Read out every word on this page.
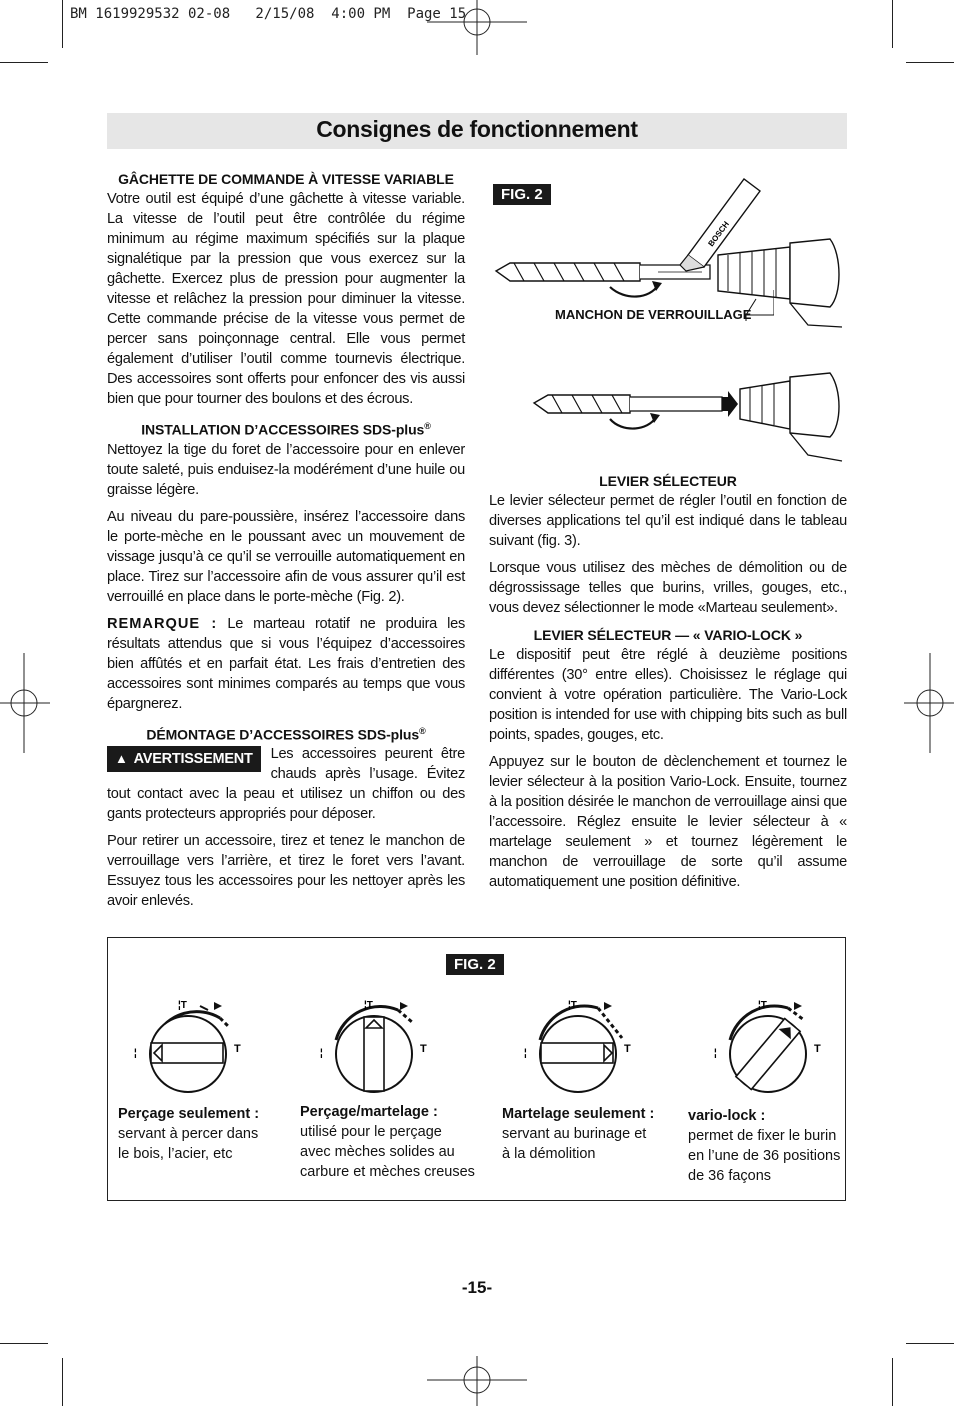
BM 1619929532 02-08   2/15/08  4:00 PM  Page 15
Consignes de fonctionnement
GÂCHETTE DE COMMANDE À VITESSE VARIABLE

Votre outil est équipé d’une gâchette à vitesse variable. La vitesse de l’outil peut être contrôlée du régime minimum au régime maximum spécifiés sur la plaque signalétique par la pression que vous exercez sur la gâchette. Exercez plus de pression pour augmenter la vitesse et relâchez la pression pour diminuer la vitesse. Cette commande précise de la vitesse vous permet de percer sans poinçonnage central. Elle vous permet également d’utiliser l’outil comme tournevis électrique. Des accessoires sont offerts pour enfoncer des vis aussi bien que pour tourner des boulons et des écrous.

INSTALLATION D’ACCESSOIRES SDS-plus®

Nettoyez la tige du foret de l’accessoire pour en enlever toute saleté, puis enduisez-la modérément d’une huile ou graisse légère.

Au niveau du pare-poussière, insérez l’accessoire dans le porte-mèche en le poussant avec un mouvement de vissage jusqu’à ce qu’il se verrouille automatiquement en place. Tirez sur l’accessoire afin de vous assurer qu’il est verrouillé en place dans le porte-mèche (Fig. 2).

REMARQUE : Le marteau rotatif ne produira les résultats attendus que si vous l’équipez d’accessoires bien affûtés et en parfait état. Les frais d’entretien des accessoires sont minimes comparés au temps que vous épargnerez.

DÉMONTAGE D’ACCESSOIRES SDS-plus®

▲ AVERTISSEMENT	Les accessoires peurent être chauds après l’usage. Évitez tout contact avec la peau et utilisez un chiffon ou des gants protecteurs appropriés pour déposer.

Pour retirer un accessoire, tirez et tenez le manchon de verrouillage vers l’arrière, et tirez le foret vers l’avant. Essuyez tous les accessoires pour les nettoyer après les avoir enlevés.

FIG. 2
BOSCH
MANCHON DE VERROUILLAGE
LEVIER SÉLECTEUR

Le levier sélecteur permet de régler l’outil en fonction de diverses applications tel qu’il est indiqué dans le tableau suivant (fig. 3).

Lorsque vous utilisez des mèches de démolition ou de dégrossissage telles que burins, vrilles, gouges, etc., vous devez sélectionner le mode «Marteau seulement».

LEVIER SÉLECTEUR — « VARIO-LOCK »

Le dispositif peut être réglé à deuzième positions différentes (30° entre elles). Choisissez le réglage qui convient à votre opération particulière. The Vario-Lock position is intended for use with chipping bits such as bull points, spades, gouges, etc.

Appuyez sur le bouton de dèclenchement et tournez le levier sélecteur à la position Vario-Lock. Ensuite, tournez à la position désirée le manchon de verrouillage ainsi que l’accessoire. Réglez ensuite le levier sélecteur à « martelage seulement » et tournez légèrement le manchon de verrouillage de sorte qu’il assume automatiquement une position définitive.

FIG. 2
¦T
¦	T
¦T
¦	T
¦T
¦	T
¦T
¦	T
Perçage seulement :
servant à percer dans
le bois, l’acier, etc
Perçage/martelage :
utilisé pour le perçage
avec mèches solides au
carbure et mèches creuses
Martelage seulement :
servant au burinage et
à la démolition
vario-lock :
permet de fixer le burin
en l’une de 36 positions
de 36 façons
-15-
